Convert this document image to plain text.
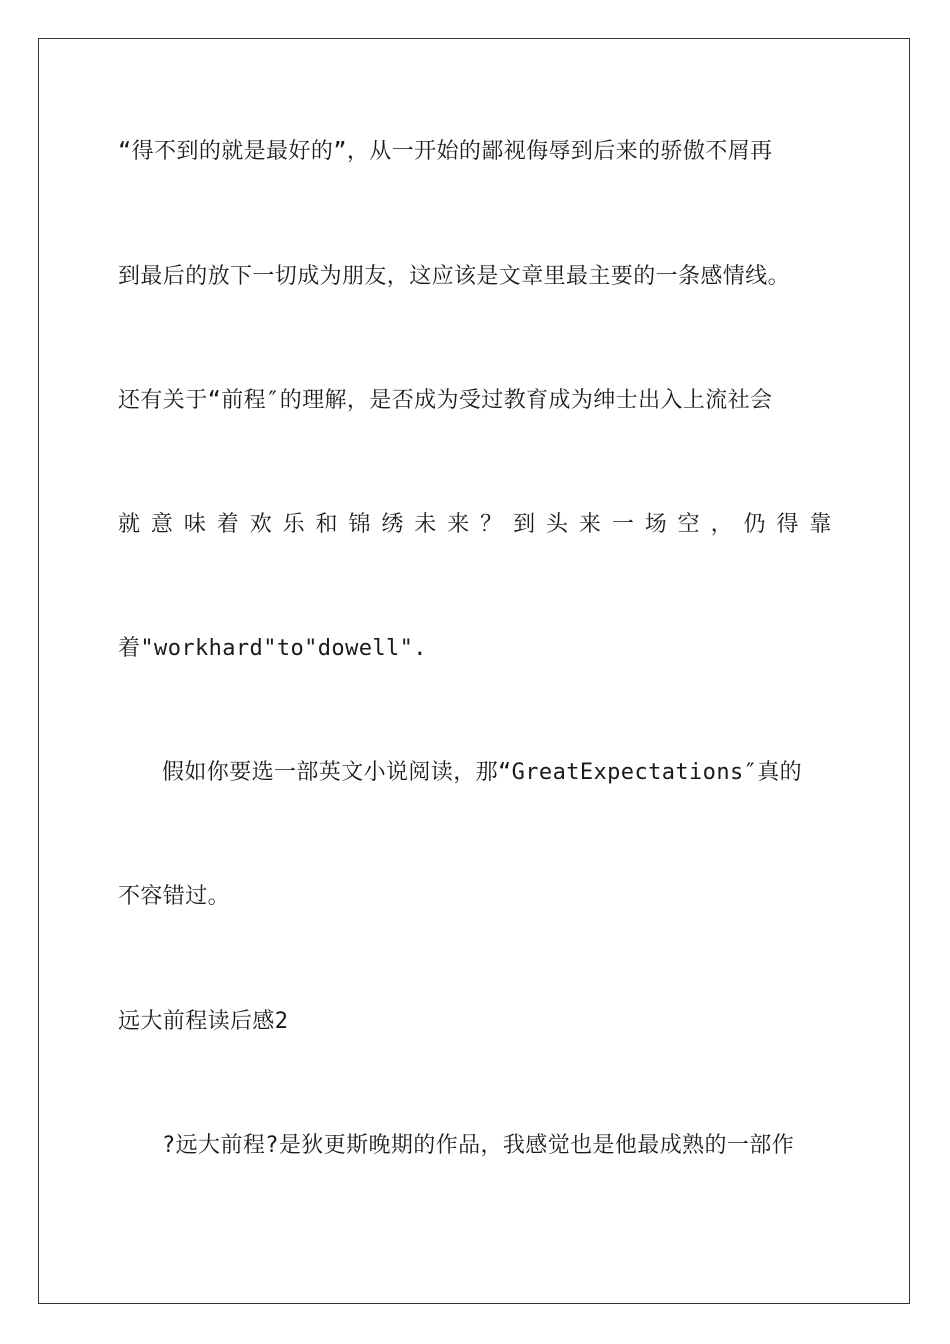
“得不到的就是最好的”，从一开始的鄙视侮辱到后来的骄傲不屑再
到最后的放下一切成为朋友，这应该是文章里最主要的一条感情线。
还有关于“前程″的理解，是否成为受过教育成为绅士出入上流社会
就 意 味 着 欢 乐 和 锦 绣 未 来 ？ 到 头 来 一 场 空 ， 仍 得 靠
着"workhard"to"dowell".
假如你要选一部英文小说阅读，那“GreatExpectations″真的
不容错过。
远大前程读后感2
?远大前程?是狄更斯晚期的作品，我感觉也是他最成熟的一部作
